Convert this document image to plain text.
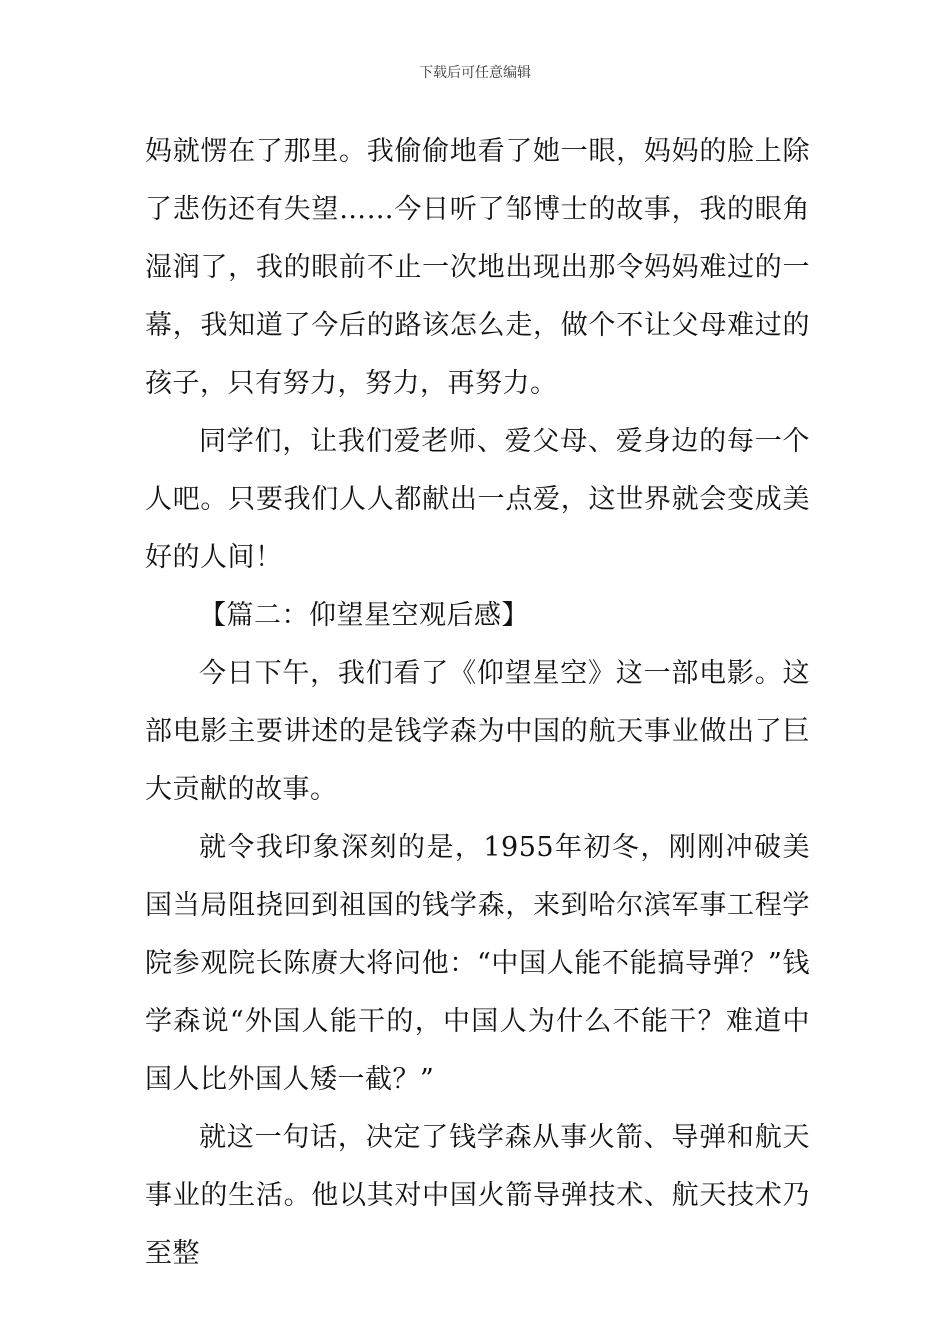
下载后可任意编辑

妈就愣在了那里。我偷偷地看了她一眼，妈妈的脸上除了悲伤还有失望……今日听了邹博士的故事，我的眼角湿润了，我的眼前不止一次地出现出那令妈妈难过的一幕，我知道了今后的路该怎么走，做个不让父母难过的孩子，只有努力，努力，再努力。

同学们，让我们爱老师、爱父母、爱身边的每一个人吧。只要我们人人都献出一点爱，这世界就会变成美好的人间！

【篇二：仰望星空观后感】

今日下午，我们看了《仰望星空》这一部电影。这部电影主要讲述的是钱学森为中国的航天事业做出了巨大贡献的故事。

就令我印象深刻的是，1955年初冬，刚刚冲破美国当局阻挠回到祖国的钱学森，来到哈尔滨军事工程学院参观院长陈赓大将问他：“中国人能不能搞导弹？”钱学森说“外国人能干的，中国人为什么不能干？难道中国人比外国人矮一截？”

就这一句话，决定了钱学森从事火箭、导弹和航天事业的生活。他以其对中国火箭导弹技术、航天技术乃至整
